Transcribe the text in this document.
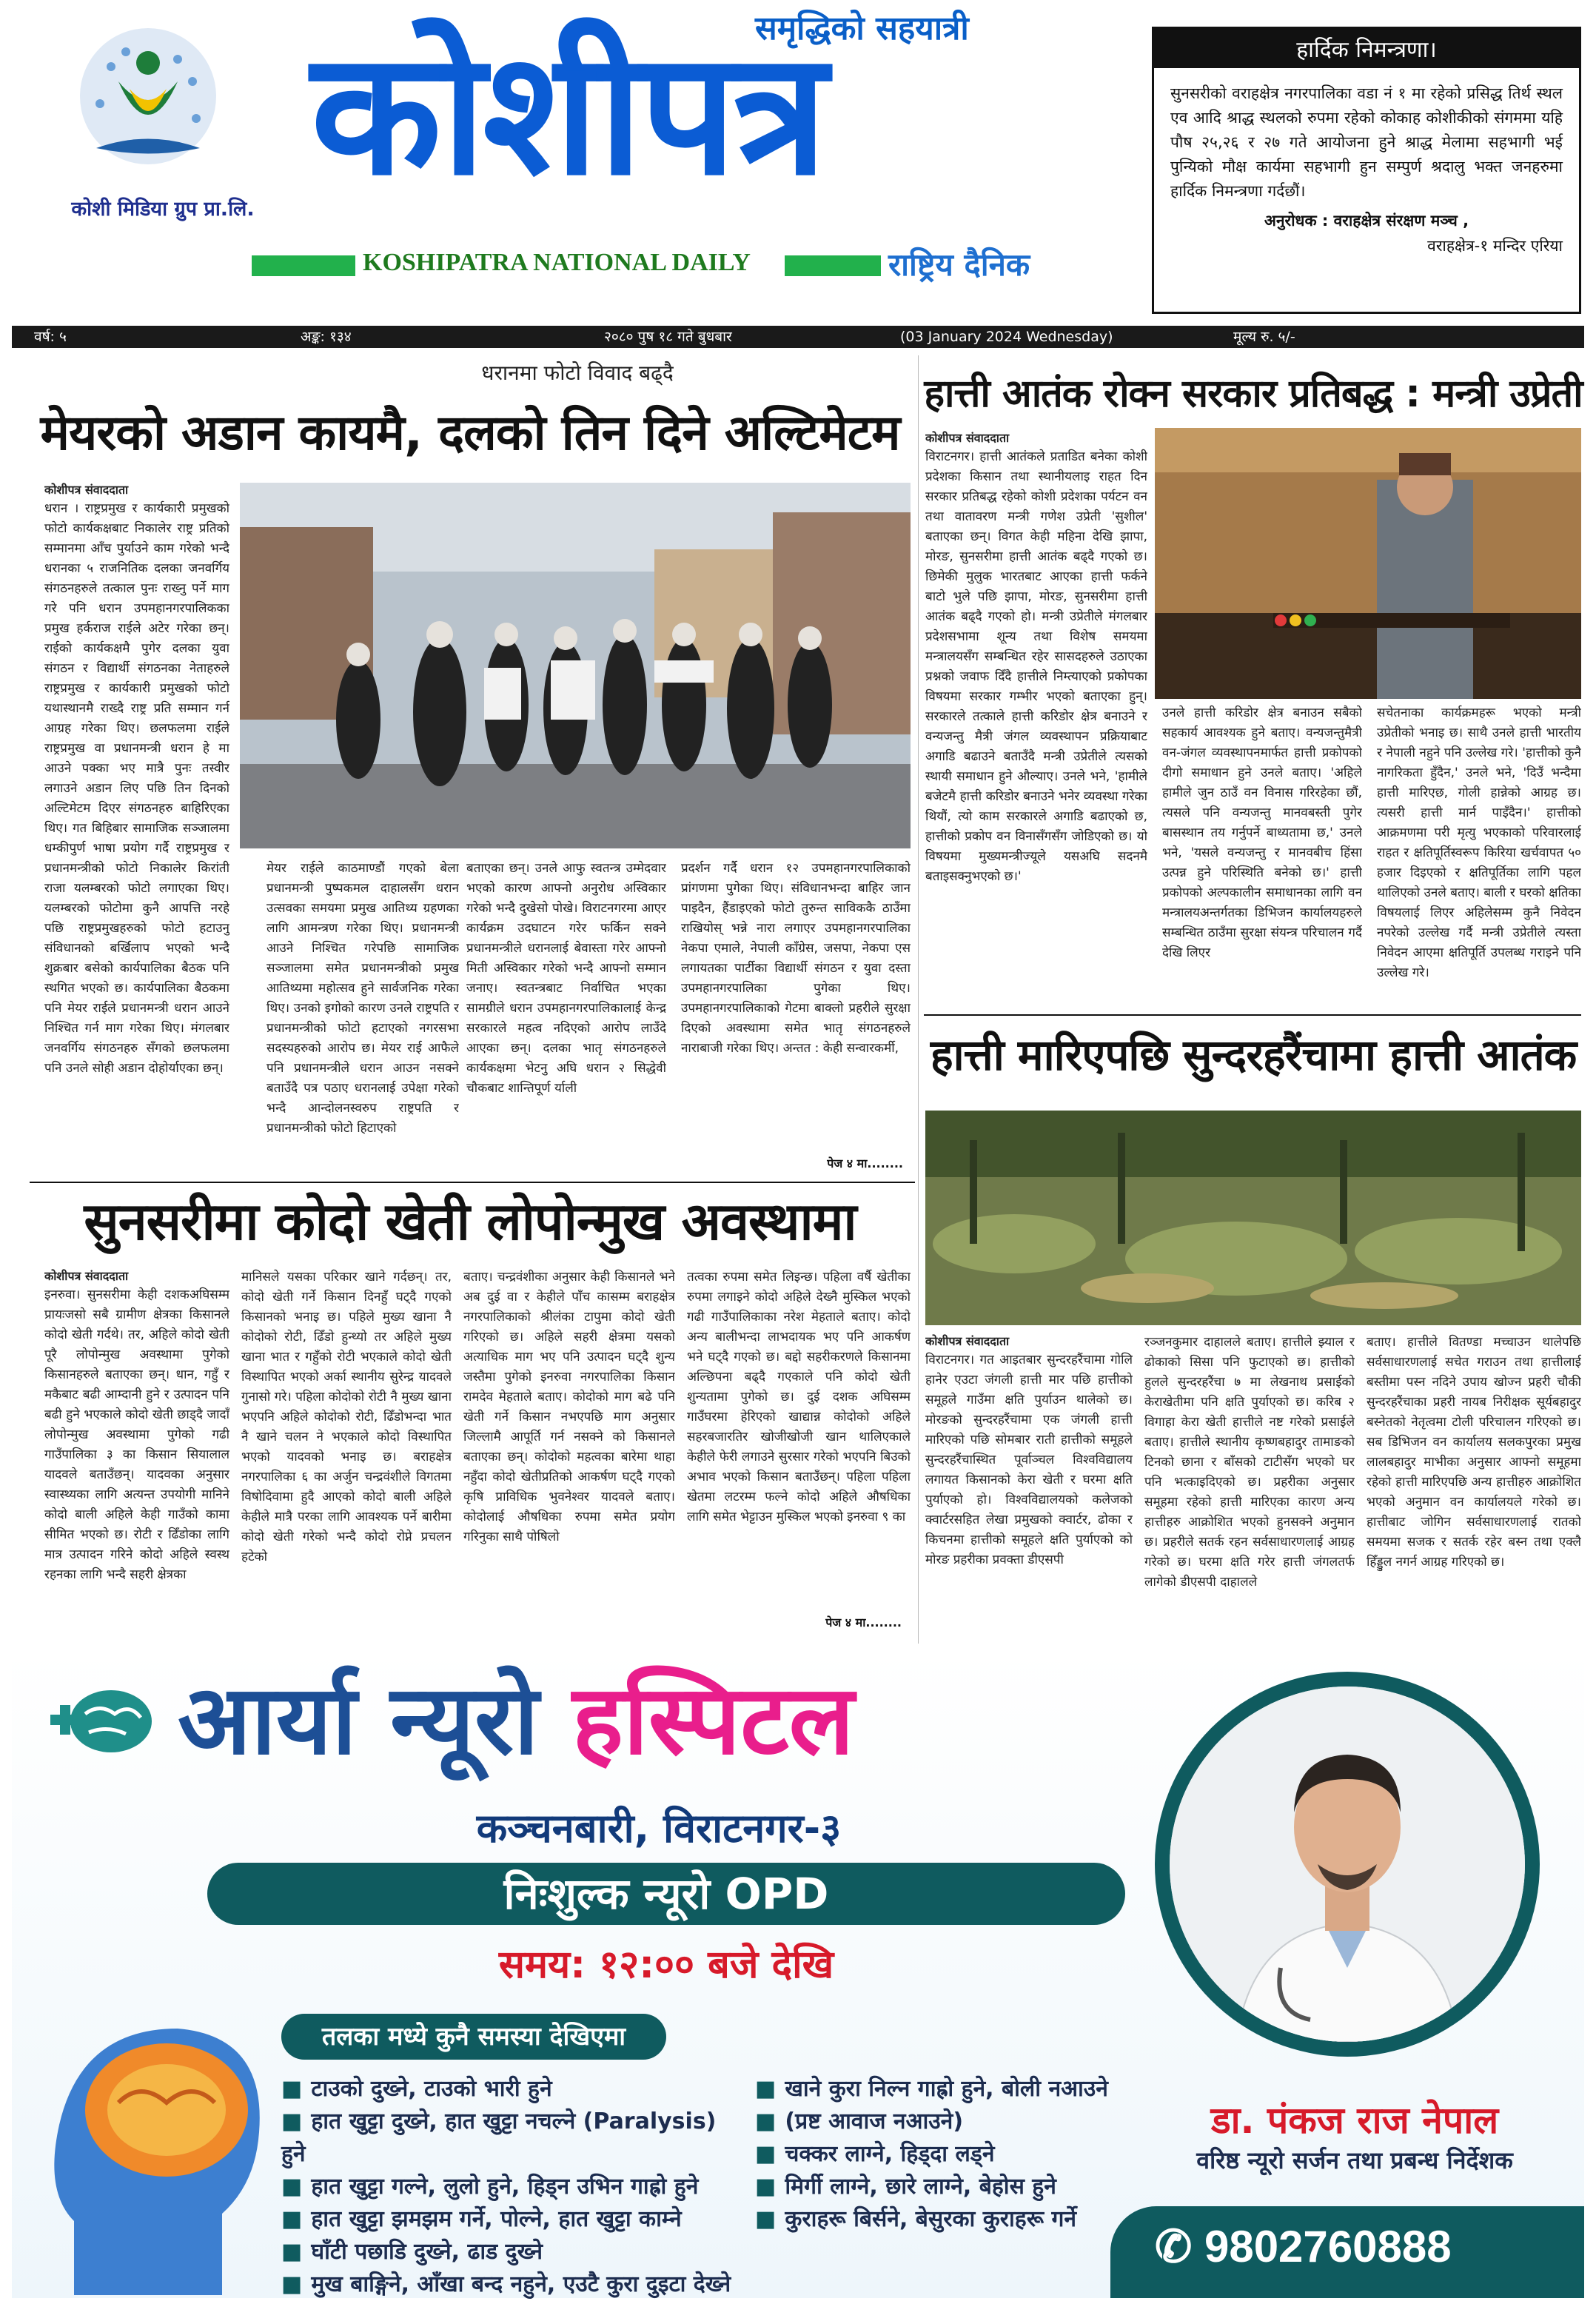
कोशी मिडिया ग्रुप प्रा.लि.
समृद्धिको सहयात्री
कोशीपत्र
KOSHIPATRA NATIONAL DAILY	राष्ट्रिय दैनिक
हार्दिक निमन्त्रणा।
सुनसरीको वराहक्षेत्र नगरपालिका वडा नं १ मा रहेको प्रसिद्ध तिर्थ स्थल एव आदि श्राद्ध स्थलको रुपमा रहेको कोकाह कोशीकीको संगममा यहि पौष २५,२६ र २७ गते आयोजना हुने श्राद्ध मेलामा सहभागी भई पुन्यिको मौक्ष कार्यमा सहभागी हुन सम्पुर्ण श्रदालु भक्त जनहरुमा हार्दिक निमन्त्रणा गर्दछौं।
अनुरोधक : वराहक्षेत्र संरक्षण मञ्च ,
वराहक्षेत्र-१ मन्दिर एरिया
वर्ष: ५	अङ्क: १३४	२०८० पुष १८ गते बुधबार	(03 January 2024 Wednesday)	मूल्य रु. ५/-
धरानमा फोटो विवाद बढ्दै
मेयरको अडान कायमै, दलको तिन दिने अल्टिमेटम
कोशीपत्र संवाददाता
धरान । राष्ट्रप्रमुख र कार्यकारी प्रमुखको फोटो कार्यकक्षबाट निकालेर राष्ट्र प्रतिको सम्मानमा आँच पुर्याउने काम गरेको भन्दै धरानका ५ राजनितिक दलका जनवर्गिय संगठनहरुले तत्काल पुनः राख्नु पर्ने माग गरे पनि धरान उपमहानगरपालिकका प्रमुख हर्कराज राईले अटेर गरेका छन्। राईको कार्यकक्षमै पुगेर दलका युवा संगठन र विद्यार्थी संगठनका नेताहरुले राष्ट्रप्रमुख र कार्यकारी प्रमुखको फोटो यथास्थानमै राख्दै राष्ट्र प्रति सम्मान गर्न आग्रह गरेका थिए। छलफलमा राईले राष्ट्रप्रमुख वा प्रधानमन्त्री धरान हे मा आउने पक्का भए मात्रै पुनः तस्वीर लगाउने अडान लिए पछि तिन दिनको अल्टिमेटम दिएर संगठनहरु बाहिरिएका थिए। गत बिहिबार सामाजिक सञ्जालमा धम्कीपुर्ण भाषा प्रयोग गर्दै राष्ट्रप्रमुख र प्रधानमन्त्रीको फोटो निकालेर किरांती राजा यलम्बरको फोटो लगाएका थिए। यलम्बरको फोटोमा कुनै आपत्ति नरहे पछि राष्ट्रप्रमुखहरुको फोटो हटाउनु संविधानको बर्खिलाप भएको भन्दै शुक्रबार बसेको कार्यपालिका बैठक पनि स्थगित भएको छ। कार्यपालिका बैठकमा पनि मेयर राईले प्रधानमन्त्री धरान आउने निश्चित गर्न माग गरेका थिए। मंगलबार जनवर्गिय संगठनहरु सँगको छलफलमा पनि उनले सोही अडान दोहोर्याएका छन्।
मेयर राईले काठमाण्डौं गएको बेला प्रधानमन्त्री पुष्पकमल दाहालसँग धरान उत्सवका समयमा प्रमुख आतिथ्य ग्रहणका लागि आमन्त्रण गरेका थिए। प्रधानमन्त्री आउने निश्चित गरेपछि सामाजिक सञ्जालमा समेत प्रधानमन्त्रीको प्रमुख आतिथ्यमा महोत्सव हुने सार्वजनिक गरेका थिए। उनको इगोको कारण उनले राष्ट्रपति र प्रधानमन्त्रीको फोटो हटाएको नगरसभा सदस्यहरुको आरोप छ। मेयर राई आफैले पनि प्रधानमन्त्रीले धरान आउन नसक्ने बताउँदै पत्र पठाए धरानलाई उपेक्षा गरेको भन्दै आन्दोलनस्वरुप राष्ट्रपति र प्रधानमन्त्रीको फोटो हिटाएको
बताएका छन्। उनले आफु स्वतन्त्र उम्मेदवार भएको कारण आफ्नो अनुरोध अस्विकार गरेको भन्दै दुखेसो पोखे। विराटनगरमा आएर कार्यक्रम उदघाटन गरेर फर्किन सक्ने प्रधानमन्त्रीले धरानलाई बेवास्ता गरेर आफ्नो मिती अस्विकार गरेको भन्दै आफ्नो सम्मान जनाए। स्वतन्त्रबाट निर्वाचित भएका सामग्रीले धरान उपमहानगरपालिकालाई केन्द्र सरकारले महत्व नदिएको आरोप लाउँदे आएका छन्। दलका भातृ संगठनहरुले कार्यकक्षमा भेटनु अघि धरान २ सिद्धेवी चौकबाट शान्तिपूर्ण र्याली
प्रदर्शन गर्दै धरान १२ उपमहानगरपालिकाको प्रांगणमा पुगेका थिए। संविधानभन्दा बाहिर जान पाइदैन, हैंडाइएको फोटो तुरुन्त साविककै ठाउँमा राखियोस् भन्ने नारा लगाएर उपमहानगरपालिका नेकपा एमाले, नेपाली काँग्रेस, जसपा, नेकपा एस लगायतका पार्टीका विद्यार्थी संगठन र युवा दस्ता उपमहानगरपालिका पुगेका थिए। उपमहानगरपालिकाको गेटमा बाक्लो प्रहरीले सुरक्षा दिएको अवस्थामा समेत भातृ संगठनहरुले नाराबाजी गरेका थिए। अन्तत : केही सन्वारकर्मी,
पेज ४ मा........
सुनसरीमा कोदो खेती लोपोन्मुख अवस्थामा
कोशीपत्र संवाददाता
इनरुवा। सुनसरीमा केही दशकअघिसम्म प्रायःजसो सबै ग्रामीण क्षेत्रका किसानले कोदो खेती गर्दथे। तर, अहिले कोदो खेती पूरै लोपोन्मुख अवस्थामा पुगेको किसानहरुले बताएका छन्। धान, गहुँ र मकैबाट बढी आम्दानी हुने र उत्पादन पनि बढी हुने भएकाले कोदो खेती छाड्दै जादाँ लोपोन्मुख अवस्थामा पुगेको गढी गाउँपालिका ३ का किसान सियालाल यादवले बताउँछन्। यादवका अनुसार स्वास्थ्यका लागि अत्यन्त उपयोगी मानिने कोदो बाली अहिले केही गाउँको कामा सीमित भएको छ। रोटी र ढिँडोका लागि मात्र उत्पादन गरिने कोदो अहिले स्वस्थ रहनका लागि भन्दै सहरी क्षेत्रका
मानिसले यसका परिकार खाने गर्दछन्। तर, कोदो खेती गर्ने किसान दिनहुँ घट्दै गएको किसानको भनाइ छ। पहिले मुख्य खाना नै कोदोको रोटी, ढिँडो हुन्थ्यो तर अहिले मुख्य खाना भात र गहुँको रोटी भएकाले कोदो खेती विस्थापित भएको अर्का स्थानीय सुरेन्द्र यादवले गुनासो गरे। पहिला कोदोको रोटी नै मुख्य खाना भएपनि अहिले कोदोको रोटी, ढिँडोभन्दा भात नै खाने चलन ने भएकाले कोदो विस्थापित भएको यादवको भनाइ छ। बराहक्षेत्र नगरपालिका ६ का अर्जुन चन्द्रवंशीले विगतमा विषोदिवामा हुदै आएको कोदो बाली अहिले केहीले मात्रै परका लागि आवश्यक पर्ने बारीमा कोदो खेती गरेको भन्दै कोदो रोप्ने प्रचलन हटेको
बताए। चन्द्रवंशीका अनुसार केही किसानले भने अब दुई वा र केहीले पाँच कासम्म बराहक्षेत्र नगरपालिकाको श्रीलंका टापुमा कोदो खेती गरिएको छ। अहिले सहरी क्षेत्रमा यसको अत्याधिक माग भए पनि उत्पादन घट्दै शुन्य जस्तैमा पुगेको इनरुवा नगरपालिका किसान रामदेव मेहताले बताए। कोदोको माग बढे पनि खेती गर्ने किसान नभएपछि माग अनुसार जिल्लामै आपूर्ति गर्न नसक्ने को किसानले बताएका छन्। कोदोको महत्वका बारेमा थाहा नहुँदा कोदो खेतीप्रतिको आकर्षण घट्दै गएको कृषि प्राविधिक भुवनेश्वर यादवले बताए। कोदोलाई औषधिका रुपमा समेत प्रयोग गरिनुका साथै पोषिलो
तत्वका रुपमा समेत लिइन्छ। पहिला वर्षै खेतीका रुपमा लगाइने कोदो अहिले देख्नै मुस्किल भएको गढी गाउँपालिकाका नरेश मेहताले बताए। कोदो अन्य बालीभन्दा लाभदायक भए पनि आकर्षण भने घट्दै गएको छ। बद्दो सहरीकरणले किसानमा अल्छिपना बढ्दै गएकाले पनि कोदो खेती शुन्यतामा पुगेको छ। दुई दशक अघिसम्म गाउँघरमा हेरिएको खाद्यान्न कोदोको अहिले सहरबजारतिर खोजीखोजी खान थालिएकाले केहीले फेरी लगाउने सुरसार गरेको भएपनि बिउको अभाव भएको किसान बताउँछन्। पहिला पहिला खेतमा लटरम्म फल्ने कोदो अहिले औषधिका लागि समेत भेट्टाउन मुस्किल भएको इनरुवा ९ का
पेज ४ मा........
हात्ती आतंक रोक्न सरकार प्रतिबद्ध : मन्त्री उप्रेती
कोशीपत्र संवाददाता
विराटनगर। हात्ती आतंकले प्रताडित बनेका कोशी प्रदेशका किसान तथा स्थानीयलाइ राहत दिन सरकार प्रतिबद्ध रहेको कोशी प्रदेशका पर्यटन वन तथा वातावरण मन्त्री गणेश उप्रेती 'सुशील' बताएका छन्। विगत केही महिना देखि झापा, मोरङ, सुनसरीमा हात्ती आतंक बढ्दै गएको छ। छिमेकी मुलुक भारतबाट आएका हात्ती फर्कने बाटो भुले पछि झापा, मोरङ, सुनसरीमा हात्ती आतंक बढ्दै गएको हो। मन्त्री उप्रेतीले मंगलबार प्रदेशसभामा शून्य तथा विशेष समयमा मन्त्रालयसँग सम्बन्धित रहेर सासदहरुले उठाएका प्रश्नको जवाफ दिँदै हात्तीले निम्त्याएको प्रकोपका विषयमा सरकार गम्भीर भएको बताएका हुन्। सरकारले तत्काले हात्ती करिडोर क्षेत्र बनाउने र वन्यजन्तु मैत्री जंगल व्यवस्थापन प्रक्रियाबाट अगाडि बढाउने बताउँदै मन्त्री उप्रेतीले त्यसको स्थायी समाधान हुने औल्याए। उनले भने, 'हामीले बजेटमै हात्ती करिडोर बनाउने भनेर व्यवस्था गरेका थियौं, त्यो काम सरकारले अगाडि बढाएको छ, हात्तीको प्रकोप वन विनासँगसँग जोडिएको छ। यो विषयमा मुख्यमन्त्रीज्यूले यसअघि सदनमै बताइसक्नुभएको छ।'
उनले हात्ती करिडोर क्षेत्र बनाउन सबैको सहकार्य आवश्यक हुने बताए। वन्यजन्तुमैत्री वन-जंगल व्यवस्थापनमार्फत हात्ती प्रकोपको दीगो समाधान हुने उनले बताए। 'अहिले हामीले जुन ठाउँ वन विनास गरिरहेका छौं, त्यसले पनि वन्यजन्तु मानवबस्ती पुगेर बासस्थान तय गर्नुपर्ने बाध्यतामा छ,' उनले भने, 'यसले वन्यजन्तु र मानवबीच हिंसा उत्पन्न हुने परिस्थिति बनेको छ।' हात्ती प्रकोपको अल्पकालीन समाधानका लागि वन मन्त्रालयअन्तर्गतका डिभिजन कार्यालयहरुले सम्बन्धित ठाउँमा सुरक्षा संयन्त्र परिचालन गर्दै देखि लिएर
सचेतनाका कार्यक्रमहरू भएको मन्त्री उप्रेतीको भनाइ छ। साथै उनले हात्ती भारतीय र नेपाली नहुने पनि उल्लेख गरे। 'हात्तीको कुनै नागरिकता हुँदैन,' उनले भने, 'दिउँ भन्दैमा हात्ती मारिएछ, गोली हान्नेको आग्रह छ। त्यसरी हात्ती मार्न पाइँदैन।' हात्तीको आक्रमणमा परी मृत्यु भएकाको परिवारलाई राहत र क्षतिपूर्तिस्वरूप किरिया खर्चवापत ५० हजार दिइएको र क्षतिपूर्तिका लागि पहल थालिएको उनले बताए। बाली र घरको क्षतिका विषयलाई लिएर अहिलेसम्म कुनै निवेदन नपरेको उल्लेख गर्दै मन्त्री उप्रेतीले त्यस्ता निवेदन आएमा क्षतिपूर्ति उपलब्ध गराइने पनि उल्लेख गरे।
हात्ती मारिएपछि सुन्दरहरैंचामा हात्ती आतंक
कोशीपत्र संवाददाता
विराटनगर। गत आइतबार सुन्दरहरैंचामा गोलि हानेर एउटा जंगली हात्ती मार पछि हात्तीको समूहले गाउँमा क्षति पुर्याउन थालेको छ। मोरङको सुन्दरहरैंचामा एक जंगली हात्ती मारिएको पछि सोमबार राती हात्तीको समूहले सुन्दरहरैंचास्थित पूर्वाञ्चल विश्वविद्यालय लगायत किसानको केरा खेती र घरमा क्षति पुर्याएको हो। विश्वविद्यालयको कलेजको क्वार्टरसहित लेखा प्रमुखको क्वार्टर, ढोका र किचनमा हात्तीको समूहले क्षति पुर्याएको को मोरङ प्रहरीका प्रवक्ता डीएसपी
रञ्जनकुमार दाहालले बताए। हात्तीले झ्याल र ढोकाको सिसा पनि फुटाएको छ। हात्तीको हुलले सुन्दरहरैंचा ७ मा लेखनाथ प्रसाईको केराखेतीमा पनि क्षति पुर्याएको छ। करिब २ विगाहा केरा खेती हात्तीले नष्ट गरेको प्रसाईले बताए। हात्तीले स्थानीय कृष्णबहादुर तामाङको टिनको छाना र बाँसको टाटीसँग भएको घर पनि भत्काइदिएको छ। प्रहरीका अनुसार समूहमा रहेको हात्ती मारिएका कारण अन्य हात्तीहरु आक्रोशित भएको हुनसक्ने अनुमान छ। प्रहरीले सतर्क रहन सर्वसाधारणलाई आग्रह गरेको छ। घरमा क्षति गरेर हात्ती जंगलतर्फ लागेको डीएसपी दाहालले
बताए। हात्तीले वितण्डा मच्चाउन थालेपछि सर्वसाधारणलाई सचेत गराउन तथा हात्तीलाई बस्तीमा पस्न नदिने उपाय खोज्न प्रहरी चौकी सुन्दरहरैंचाका प्रहरी नायब निरीक्षक सूर्यबहादुर बस्नेतको नेतृत्वमा टोली परिचालन गरिएको छ। सब डिभिजन वन कार्यालय सलकपुरका प्रमुख लालबहादुर माभीका अनुसार आफ्नो समूहमा रहेको हात्ती मारिएपछि अन्य हात्तीहरु आक्रोशित भएको अनुमान वन कार्यालयले गरेको छ। हात्तीबाट जोगिन सर्वसाधारणलाई रातको समयमा सजक र सतर्क रहेर बस्न तथा एक्लै हिँड्डुल नगर्न आग्रह गरिएको छ।
आर्या न्यूरो हस्पिटल
कञ्चनबारी, विराटनगर-३
निःशुल्क न्यूरो OPD
समय: १२:०० बजे देखि
तलका मध्ये कुनै समस्या देखिएमा
■ टाउको दुख्ने, टाउको भारी हुने
■ हात खुट्टा दुख्ने, हात खुट्टा नचल्ने (Paralysis) हुने
■ हात खुट्टा गल्ने, लुलो हुने, हिड्न उभिन गाह्रो हुने
■ हात खुट्टा झमझम गर्ने, पोल्ने, हात खुट्टा काम्ने
■ घाँटी पछाडि दुख्ने, ढाड दुख्ने
■ मुख बाङ्गिने, आँखा बन्द नहुने, एउटै कुरा दुइटा देख्ने
■ खाने कुरा निल्न गाह्रो हुने, बोली नआउने
■ (प्रष्ट आवाज नआउने)
■ चक्कर लाग्ने, हिड्दा लड्ने
■ मिर्गी लाग्ने, छारे लाग्ने, बेहोस हुने
■ कुराहरू बिर्सने, बेसुरका कुराहरू गर्ने
डा. पंकज राज नेपाल
वरिष्ठ न्यूरो सर्जन तथा प्रबन्ध निर्देशक
✆ 9802760888
